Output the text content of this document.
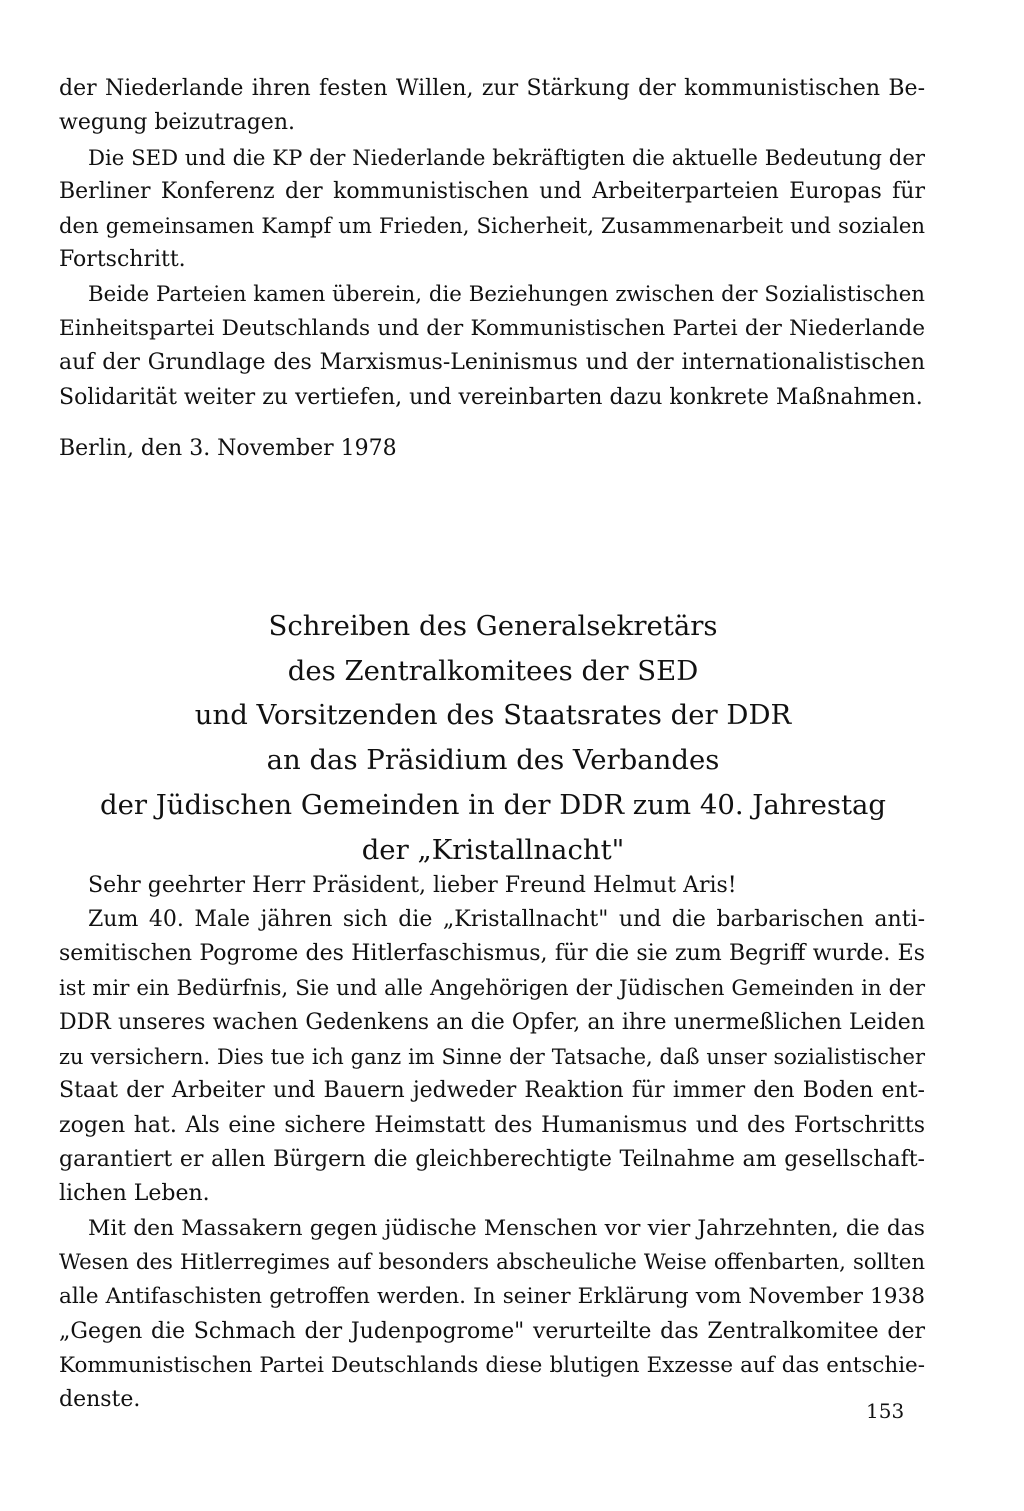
der Niederlande ihren festen Willen, zur Stärkung der kommunistischen Be-
wegung beizutragen.

Die SED und die KP der Niederlande bekräftigten die aktuelle Bedeutung der
Berliner Konferenz der kommunistischen und Arbeiterparteien Europas für
den gemeinsamen Kampf um Frieden, Sicherheit, Zusammenarbeit und sozialen
Fortschritt.

Beide Parteien kamen überein, die Beziehungen zwischen der Sozialistischen
Einheitspartei Deutschlands und der Kommunistischen Partei der Niederlande
auf der Grundlage des Marxismus-Leninismus und der internationalistischen
Solidarität weiter zu vertiefen, und vereinbarten dazu konkrete Maßnahmen.

Berlin, den 3. November 1978
Schreiben des Generalsekretärs
des Zentralkomitees der SED
und Vorsitzenden des Staatsrates der DDR
an das Präsidium des Verbandes
der Jüdischen Gemeinden in der DDR zum 40. Jahrestag
der „Kristallnacht"
Sehr geehrter Herr Präsident, lieber Freund Helmut Aris!

Zum 40. Male jähren sich die „Kristallnacht" und die barbarischen anti-
semitischen Pogrome des Hitlerfaschismus, für die sie zum Begriff wurde. Es
ist mir ein Bedürfnis, Sie und alle Angehörigen der Jüdischen Gemeinden in der
DDR unseres wachen Gedenkens an die Opfer, an ihre unermeßlichen Leiden
zu versichern. Dies tue ich ganz im Sinne der Tatsache, daß unser sozialistischer
Staat der Arbeiter und Bauern jedweder Reaktion für immer den Boden ent-
zogen hat. Als eine sichere Heimstatt des Humanismus und des Fortschritts
garantiert er allen Bürgern die gleichberechtigte Teilnahme am gesellschaft-
lichen Leben.

Mit den Massakern gegen jüdische Menschen vor vier Jahrzehnten, die das
Wesen des Hitlerregimes auf besonders abscheuliche Weise offenbarten, sollten
alle Antifaschisten getroffen werden. In seiner Erklärung vom November 1938
„Gegen die Schmach der Judenpogrome" verurteilte das Zentralkomitee der
Kommunistischen Partei Deutschlands diese blutigen Exzesse auf das entschie-
denste.	153
